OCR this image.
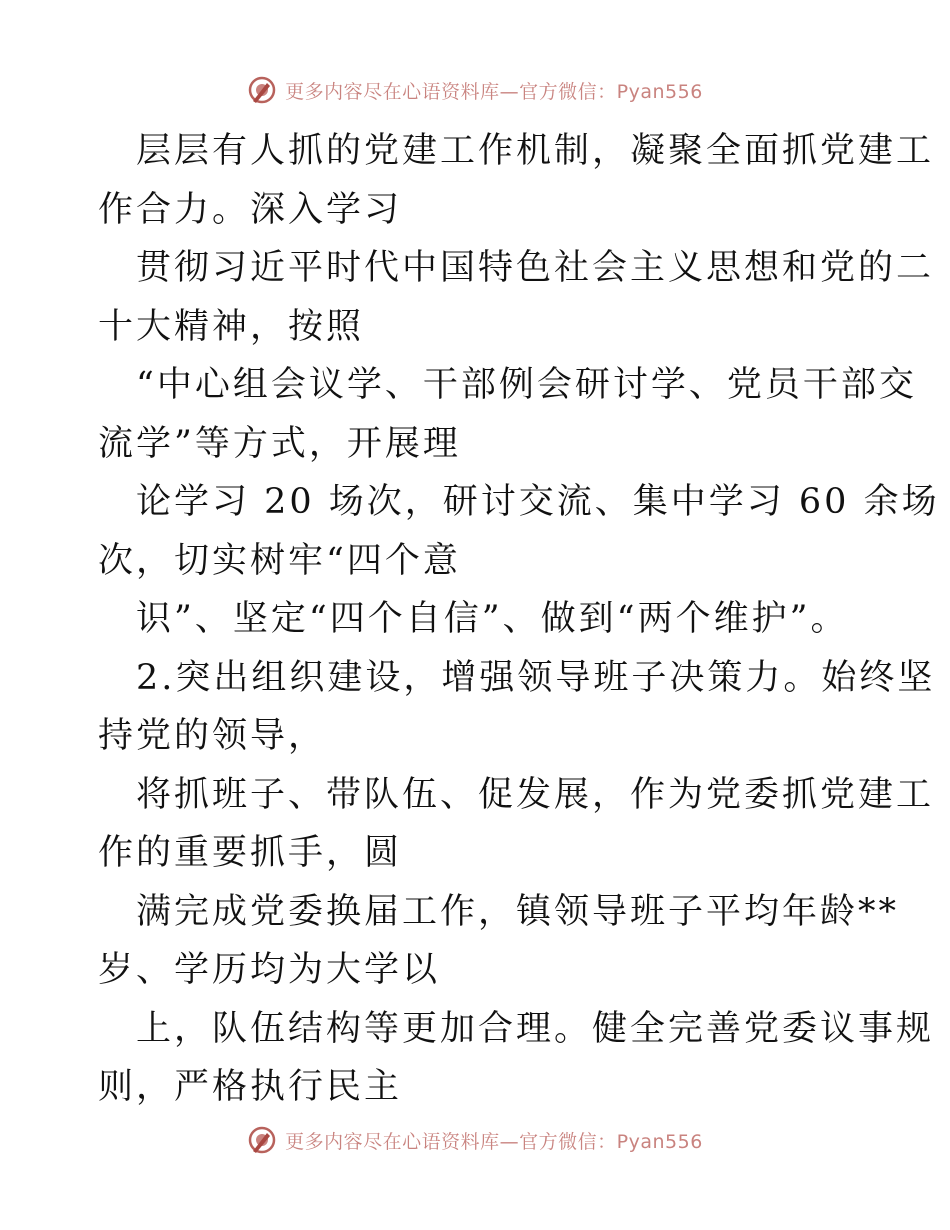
更多内容尽在心语资料库—官方微信：Pyan556
层层有人抓的党建工作机制，凝聚全面抓党建工
作合力。深入学习
贯彻习近平时代中国特色社会主义思想和党的二
十大精神，按照
“中心组会议学、干部例会研讨学、党员干部交
流学”等方式，开展理
论学习 20 场次，研讨交流、集中学习 60 余场
次，切实树牢“四个意
识”、坚定“四个自信”、做到“两个维护”。
2.突出组织建设，增强领导班子决策力。始终坚
持党的领导，
将抓班子、带队伍、促发展，作为党委抓党建工
作的重要抓手，圆
满完成党委换届工作，镇领导班子平均年龄**
岁、学历均为大学以
上，队伍结构等更加合理。健全完善党委议事规
则，严格执行民主
更多内容尽在心语资料库—官方微信：Pyan556
